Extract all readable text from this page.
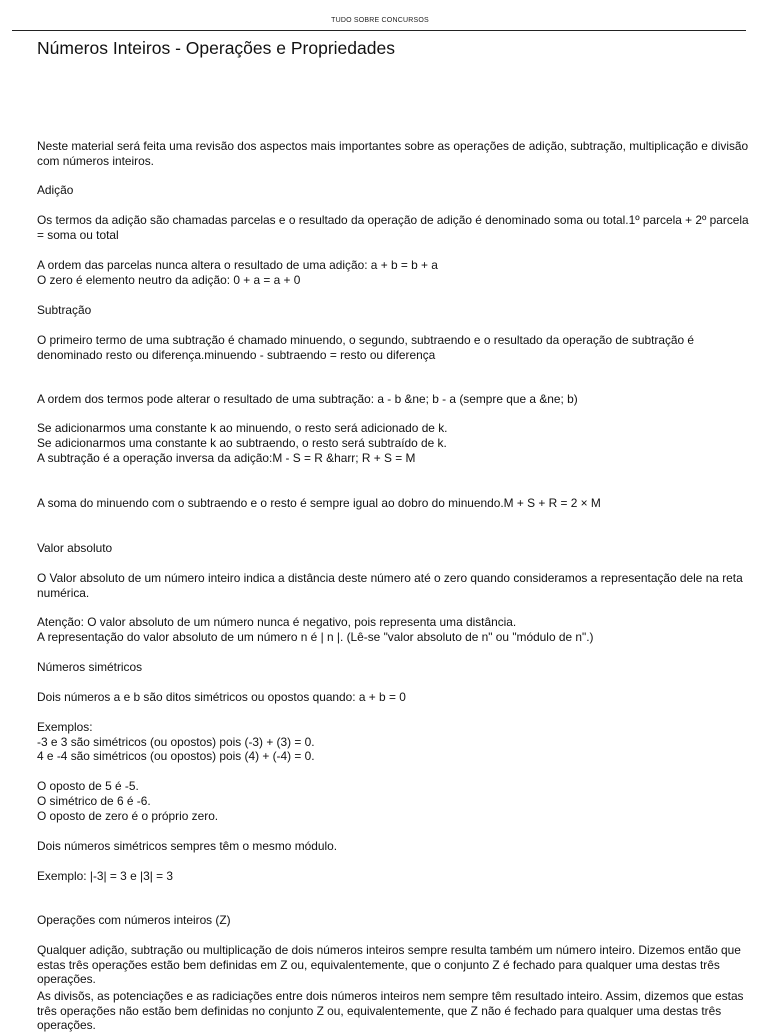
TUDO SOBRE CONCURSOS
Números Inteiros - Operações e Propriedades
Neste material será feita uma revisão dos aspectos mais importantes sobre as operações de adição, subtração, multiplicação e divisão com números inteiros.
Adição
Os termos da adição são chamadas parcelas e o resultado da operação de adição é denominado soma ou total.1º parcela + 2º parcela = soma ou total
A ordem das parcelas nunca altera o resultado de uma adição: a + b = b + a
O zero é elemento neutro da adição: 0 + a = a + 0
Subtração
O primeiro termo de uma subtração é chamado minuendo, o segundo, subtraendo e o resultado da operação de subtração é denominado resto ou diferença.minuendo - subtraendo = resto ou diferença
A ordem dos termos pode alterar o resultado de uma subtração: a - b &ne; b - a (sempre que a &ne; b)
Se adicionarmos uma constante k ao minuendo, o resto será adicionado de k.
Se adicionarmos uma constante k ao subtraendo, o resto será subtraído de k.
A subtração é a operação inversa da adição:M - S = R &harr; R + S = M
A soma do minuendo com o subtraendo e o resto é sempre igual ao dobro do minuendo.M + S + R = 2 × M
Valor absoluto
O Valor absoluto de um número inteiro indica a distância deste número até o zero quando consideramos a representação dele na reta numérica.
Atenção: O valor absoluto de um número nunca é negativo, pois representa uma distância.
A representação do valor absoluto de um número n é | n |. (Lê-se "valor absoluto de n" ou "módulo de n".)
Números simétricos
Dois números a e b são ditos simétricos ou opostos quando: a + b = 0
Exemplos:
-3 e 3 são simétricos (ou opostos) pois (-3) + (3) = 0.
4 e -4 são simétricos (ou opostos) pois (4) + (-4) = 0.
O oposto de 5 é -5.
O simétrico de 6 é -6.
O oposto de zero é o próprio zero.
Dois números simétricos sempres têm o mesmo módulo.
Exemplo: |-3| = 3 e |3| = 3
Operações com números inteiros (Z)
Qualquer adição, subtração ou multiplicação de dois números inteiros sempre resulta também um número inteiro. Dizemos então que estas três operações estão bem definidas em Z ou, equivalentemente, que o conjunto Z é fechado para qualquer uma destas três operações.
As divisõs, as potenciações e as radiciações entre dois números inteiros nem sempre têm resultado inteiro. Assim, dizemos que estas três operações não estão bem definidas no conjunto Z ou, equivalentemente, que Z não é fechado para qualquer uma destas três operações.
